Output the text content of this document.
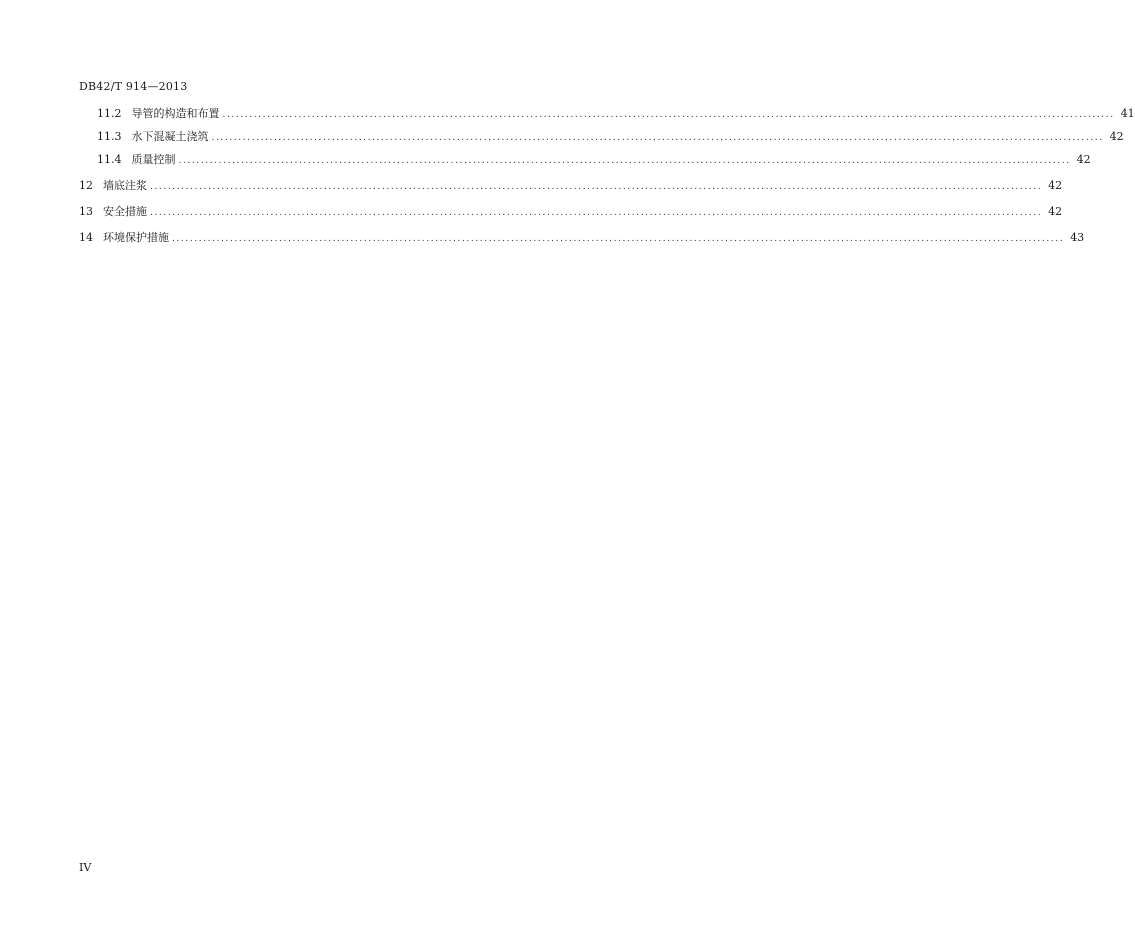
DB42/T 914—2013
11.2 导管的构造和布置 ........................................................................................................................................................................................................ 41
11.3 水下混凝土浇筑 ........................................................................................................................................................................................................ 42
11.4 质量控制 ........................................................................................................................................................................................................ 42
12 墙底注浆 ........................................................................................................................................................................................................ 42
13 安全措施 ........................................................................................................................................................................................................ 42
14 环境保护措施 ........................................................................................................................................................................................................ 43
IV
